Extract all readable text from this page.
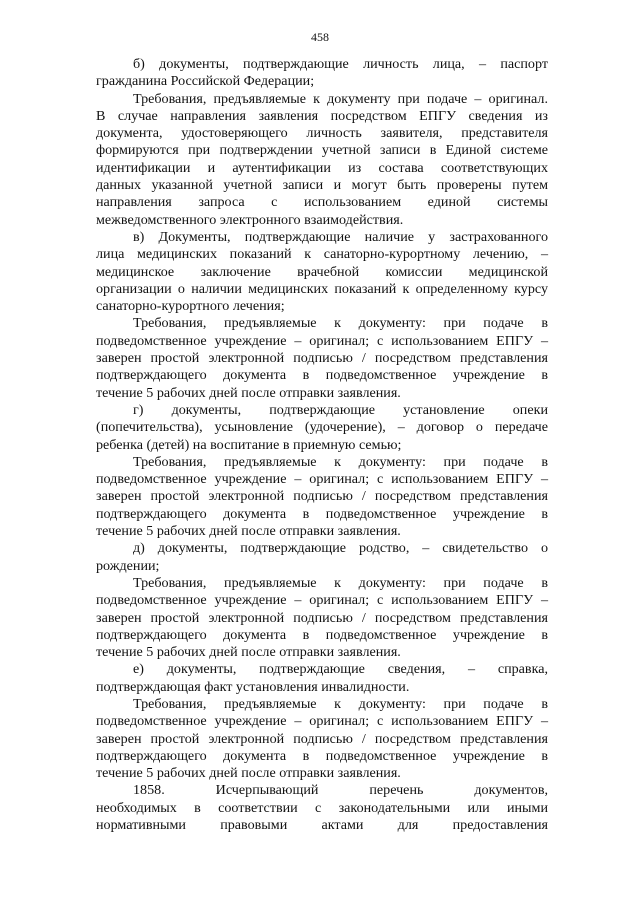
458
б) документы, подтверждающие личность лица, – паспорт
гражданина Российской Федерации;
Требования, предъявляемые к документу при подаче – оригинал.
В случае направления заявления посредством ЕПГУ сведения из
документа, удостоверяющего личность заявителя, представителя
формируются при подтверждении учетной записи в Единой системе
идентификации и аутентификации из состава соответствующих
данных указанной учетной записи и могут быть проверены путем
направления запроса с использованием единой системы
межведомственного электронного взаимодействия.
в) Документы, подтверждающие наличие у застрахованного
лица медицинских показаний к санаторно-курортному лечению, –
медицинское заключение врачебной комиссии медицинской
организации о наличии медицинских показаний к определенному курсу
санаторно-курортного лечения;
Требования, предъявляемые к документу: при подаче в
подведомственное учреждение – оригинал; с использованием ЕПГУ –
заверен простой электронной подписью / посредством представления
подтверждающего документа в подведомственное учреждение в
течение 5 рабочих дней после отправки заявления.
г) документы, подтверждающие установление опеки
(попечительства), усыновление (удочерение), – договор о передаче
ребенка (детей) на воспитание в приемную семью;
Требования, предъявляемые к документу: при подаче в
подведомственное учреждение – оригинал; с использованием ЕПГУ –
заверен простой электронной подписью / посредством представления
подтверждающего документа в подведомственное учреждение в
течение 5 рабочих дней после отправки заявления.
д) документы, подтверждающие родство, – свидетельство о
рождении;
Требования, предъявляемые к документу: при подаче в
подведомственное учреждение – оригинал; с использованием ЕПГУ –
заверен простой электронной подписью / посредством представления
подтверждающего документа в подведомственное учреждение в
течение 5 рабочих дней после отправки заявления.
е) документы, подтверждающие сведения, – справка,
подтверждающая факт установления инвалидности.
Требования, предъявляемые к документу: при подаче в
подведомственное учреждение – оригинал; с использованием ЕПГУ –
заверен простой электронной подписью / посредством представления
подтверждающего документа в подведомственное учреждение в
течение 5 рабочих дней после отправки заявления.
1858. Исчерпывающий перечень документов,
необходимых в соответствии с законодательными или иными
нормативными правовыми актами для предоставления
